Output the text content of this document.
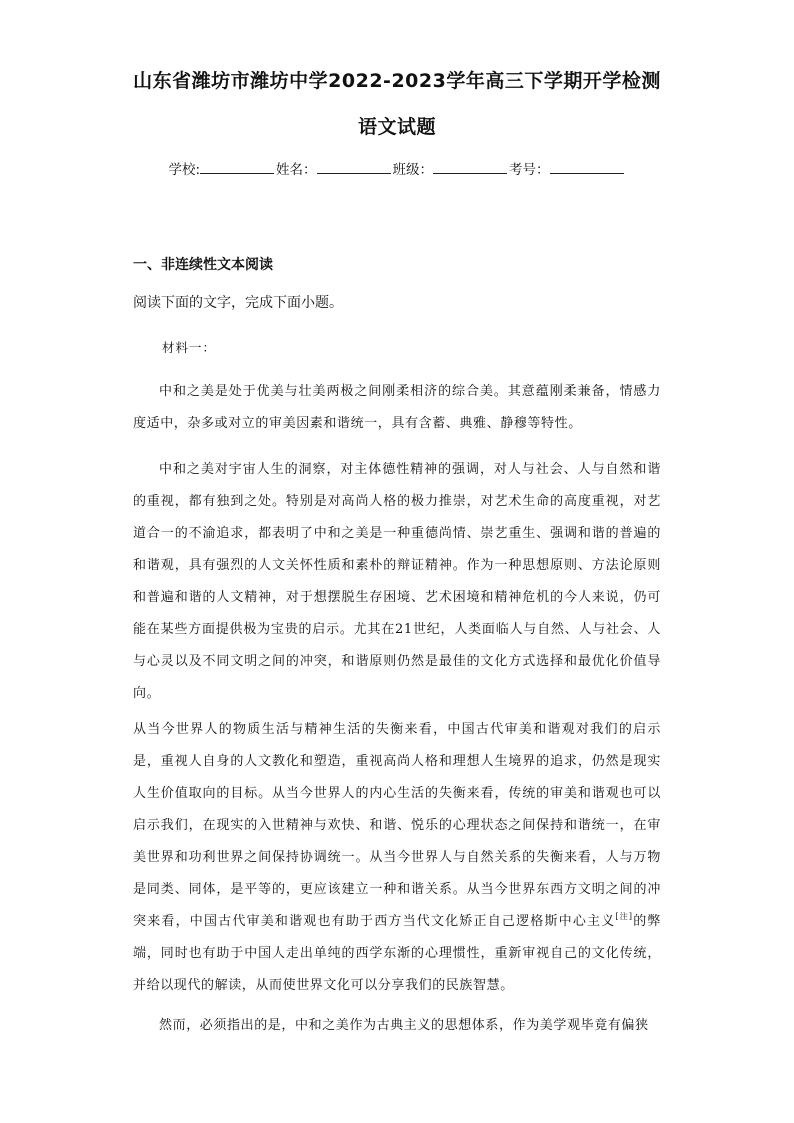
山东省潍坊市潍坊中学2022-2023学年高三下学期开学检测
语文试题
学校:	姓名：	班级：	考号：
一、非连续性文本阅读
阅读下面的文字，完成下面小题。
材料一：
中和之美是处于优美与壮美两极之间刚柔相济的综合美。其意蕴刚柔兼备，情感力度适中，杂多或对立的审美因素和谐统一，具有含蓄、典雅、静穆等特性。
中和之美对宇宙人生的洞察，对主体德性精神的强调，对人与社会、人与自然和谐的重视，都有独到之处。特别是对高尚人格的极力推崇，对艺术生命的高度重视，对艺道合一的不渝追求，都表明了中和之美是一种重德尚情、崇艺重生、强调和谐的普遍的和谐观，具有强烈的人文关怀性质和素朴的辩证精神。作为一种思想原则、方法论原则和普遍和谐的人文精神，对于想摆脱生存困境、艺术困境和精神危机的今人来说，仍可能在某些方面提供极为宝贵的启示。尤其在21世纪，人类面临人与自然、人与社会、人与心灵以及不同文明之间的冲突，和谐原则仍然是最佳的文化方式选择和最优化价值导向。
从当今世界人的物质生活与精神生活的失衡来看，中国古代审美和谐观对我们的启示是，重视人自身的人文教化和塑造，重视高尚人格和理想人生境界的追求，仍然是现实人生价值取向的目标。从当今世界人的内心生活的失衡来看，传统的审美和谐观也可以启示我们，在现实的入世精神与欢快、和谐、悦乐的心理状态之间保持和谐统一，在审美世界和功利世界之间保持协调统一。从当今世界人与自然关系的失衡来看，人与万物是同类、同体，是平等的，更应该建立一种和谐关系。从当今世界东西方文明之间的冲突来看，中国古代审美和谐观也有助于西方当代文化矫正自己逻格斯中心主义[注]的弊端，同时也有助于中国人走出单纯的西学东渐的心理惯性，重新审视自己的文化传统，并给以现代的解读，从而使世界文化可以分享我们的民族智慧。
然而，必须指出的是，中和之美作为古典主义的思想体系，作为美学观毕竟有偏狭
